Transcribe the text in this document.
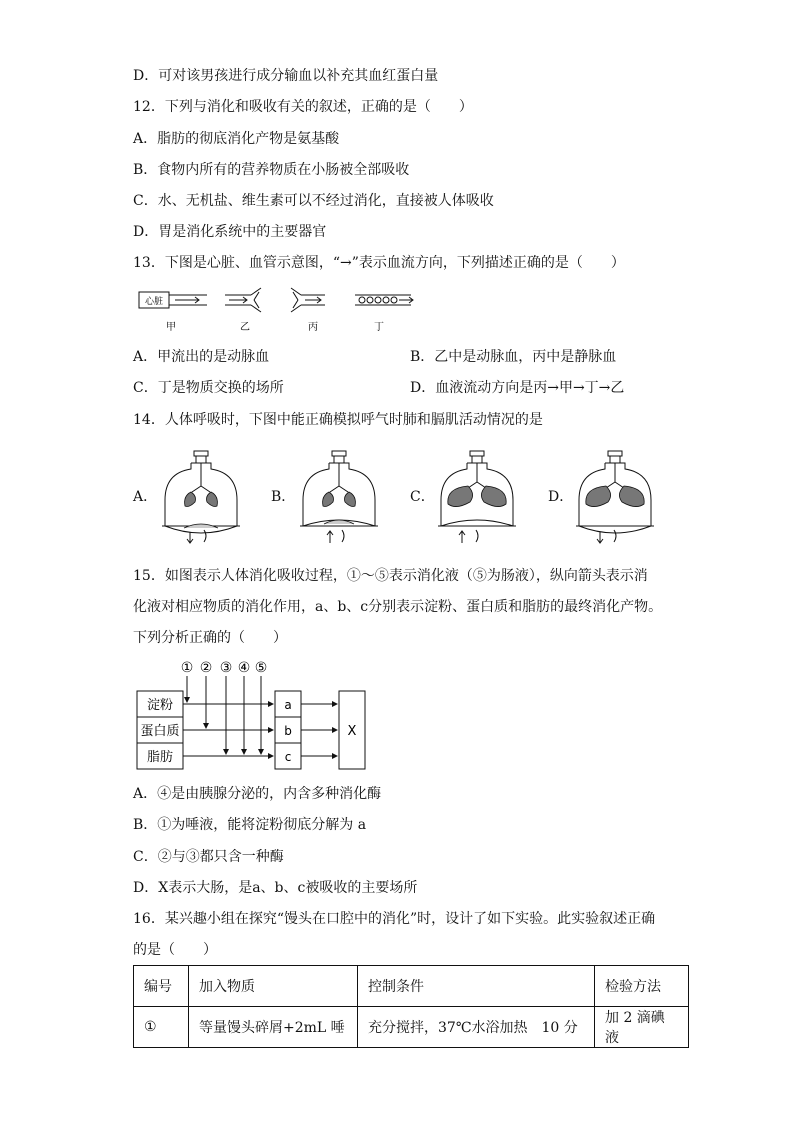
D．可对该男孩进行成分输血以补充其血红蛋白量
12．下列与消化和吸收有关的叙述，正确的是（　　）
A．脂肪的彻底消化产物是氨基酸
B．食物内所有的营养物质在小肠被全部吸收
C．水、无机盐、维生素可以不经过消化，直接被人体吸收
D．胃是消化系统中的主要器官
13．下图是心脏、血管示意图，“→”表示血流方向，下列描述正确的是（　　）
心脏
甲	乙	丙	丁
A．甲流出的是动脉血	B．乙中是动脉血，丙中是静脉血
C．丁是物质交换的场所	D．血液流动方向是丙→甲→丁→乙
14．人体呼吸时，下图中能正确模拟呼气时肺和膈肌活动情况的是
A．	B．	C．	D．
15．如图表示人体消化吸收过程，①～⑤表示消化液（⑤为肠液），纵向箭头表示消
化液对相应物质的消化作用，a、b、c分别表示淀粉、蛋白质和脂肪的最终消化产物。
下列分析正确的（　　）
① ② ③ ④ ⑤
淀粉
蛋白质
脂肪
a
b
c
X
A．④是由胰腺分泌的，内含多种消化酶
B．①为唾液，能将淀粉彻底分解为 a
C．②与③都只含一种酶
D．X表示大肠，是a、b、c被吸收的主要场所
16．某兴趣小组在探究“馒头在口腔中的消化”时，设计了如下实验。此实验叙述正确
的是（　　）
编号	加入物质	控制条件	检验方法
①	等量馒头碎屑+2mL 唾	充分搅拌，37℃水浴加热　10 分	加 2 滴碘液
